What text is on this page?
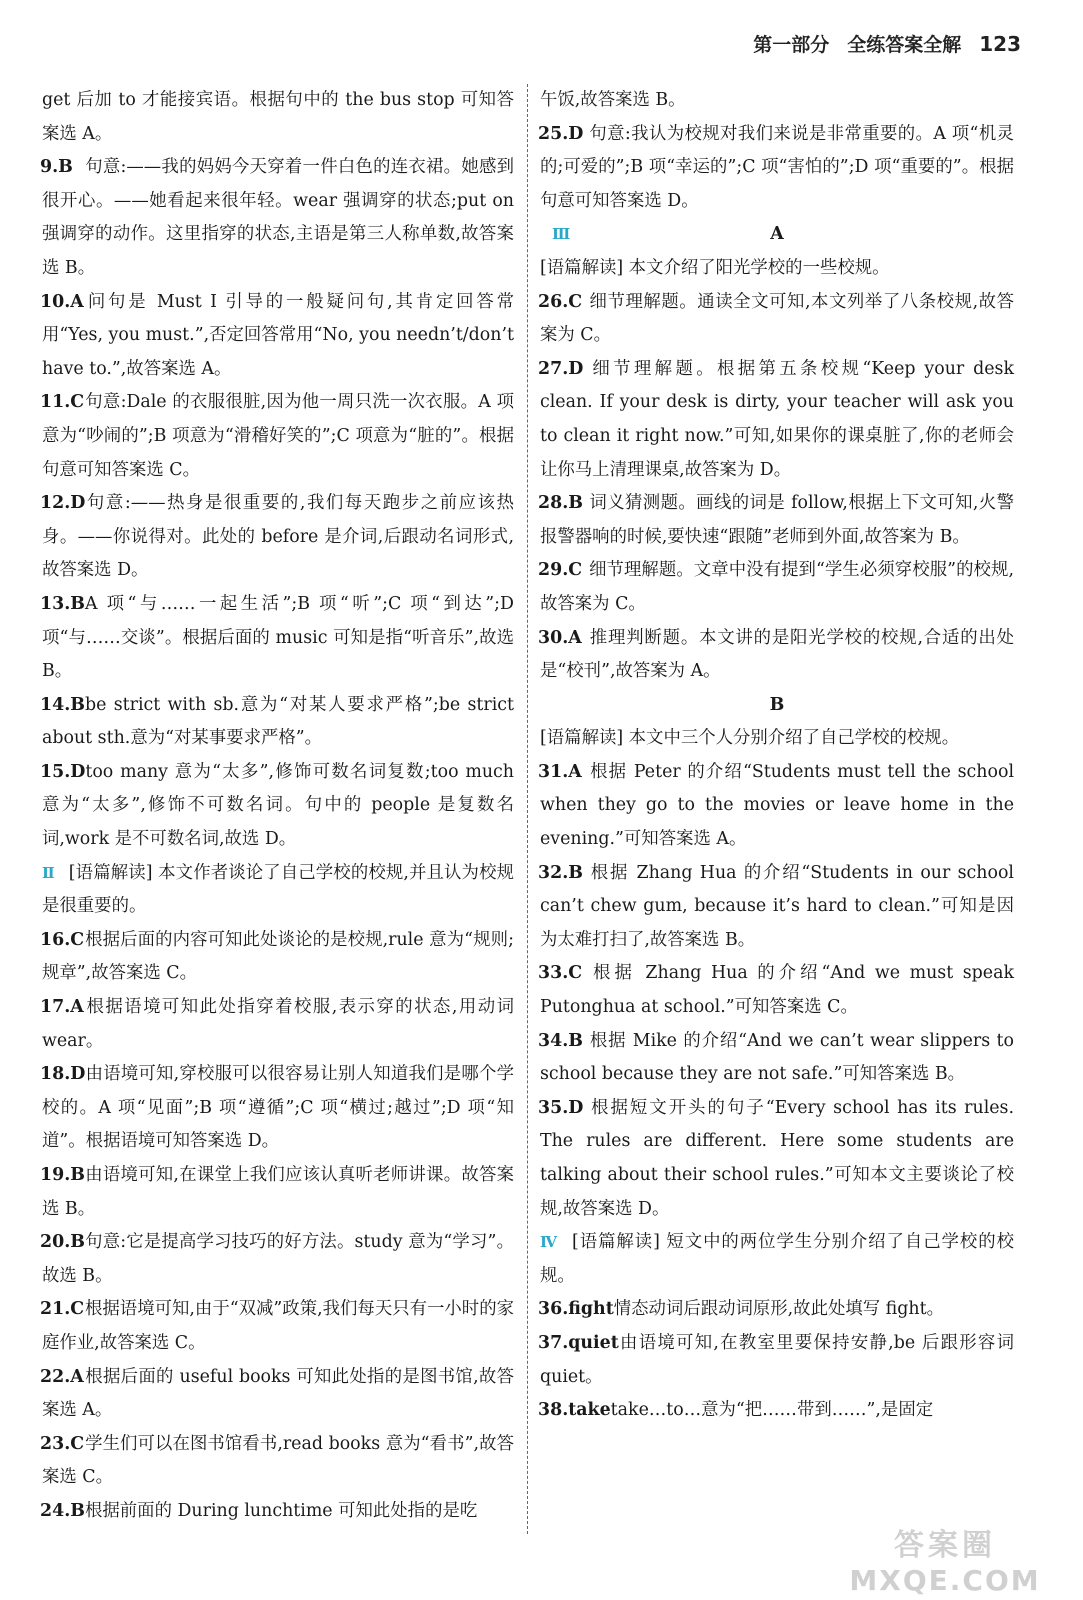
第一部分 全练答案全解 123

get 后加 to 才能接宾语。根据句中的 the bus stop 可知答案选 A。

9.B 句意:——我的妈妈今天穿着一件白色的连衣裙。她感到很开心。——她看起来很年轻。wear 强调穿的状态;put on 强调穿的动作。这里指穿的状态,主语是第三人称单数,故答案选 B。

10.A问句是 Must I 引导的一般疑问句,其肯定回答常用“Yes, you must.”,否定回答常用“No, you needn’t/don’t have to.”,故答案选 A。

11.C句意:Dale 的衣服很脏,因为他一周只洗一次衣服。A 项意为“吵闹的”;B 项意为“滑稽好笑的”;C 项意为“脏的”。根据句意可知答案选 C。

12.D句意:——热身是很重要的,我们每天跑步之前应该热身。——你说得对。此处的 before 是介词,后跟动名词形式,故答案选 D。

13.BA 项“与……一起生活”;B 项“听”;C 项“到达”;D 项“与……交谈”。根据后面的 music 可知是指“听音乐”,故选 B。

14.Bbe strict with sb.意为“对某人要求严格”;be strict about sth.意为“对某事要求严格”。

15.Dtoo many 意为“太多”,修饰可数名词复数;too much 意为“太多”,修饰不可数名词。句中的 people 是复数名词,work 是不可数名词,故选 D。

Ⅱ [语篇解读] 本文作者谈论了自己学校的校规,并且认为校规是很重要的。

16.C根据后面的内容可知此处谈论的是校规,rule 意为“规则;规章”,故答案选 C。

17.A根据语境可知此处指穿着校服,表示穿的状态,用动词 wear。

18.D由语境可知,穿校服可以很容易让别人知道我们是哪个学校的。A 项“见面”;B 项“遵循”;C 项“横过;越过”;D 项“知道”。根据语境可知答案选 D。

19.B由语境可知,在课堂上我们应该认真听老师讲课。故答案选 B。

20.B句意:它是提高学习技巧的好方法。study 意为“学习”。故选 B。

21.C根据语境可知,由于“双减”政策,我们每天只有一小时的家庭作业,故答案选 C。

22.A根据后面的 useful books 可知此处指的是图书馆,故答案选 A。

23.C学生们可以在图书馆看书,read books 意为“看书”,故答案选 C。

24.B根据前面的 During lunchtime 可知此处指的是吃

午饭,故答案选 B。

25.D 句意:我认为校规对我们来说是非常重要的。A 项“机灵的;可爱的”;B 项“幸运的”;C 项“害怕的”;D 项“重要的”。根据句意可知答案选 D。

Ⅲ	A

[语篇解读] 本文介绍了阳光学校的一些校规。

26.C 细节理解题。通读全文可知,本文列举了八条校规,故答案为 C。

27.D 细节理解题。根据第五条校规“Keep your desk clean. If your desk is dirty, your teacher will ask you to clean it right now.”可知,如果你的课桌脏了,你的老师会让你马上清理课桌,故答案为 D。

28.B 词义猜测题。画线的词是 follow,根据上下文可知,火警报警器响的时候,要快速“跟随”老师到外面,故答案为 B。

29.C 细节理解题。文章中没有提到“学生必须穿校服”的校规,故答案为 C。

30.A 推理判断题。本文讲的是阳光学校的校规,合适的出处是“校刊”,故答案为 A。

B

[语篇解读] 本文中三个人分别介绍了自己学校的校规。

31.A 根据 Peter 的介绍“Students must tell the school when they go to the movies or leave home in the evening.”可知答案选 A。

32.B 根据 Zhang Hua 的介绍“Students in our school can’t chew gum, because it’s hard to clean.”可知是因为太难打扫了,故答案选 B。

33.C 根据 Zhang Hua 的介绍“And we must speak Putonghua at school.”可知答案选 C。

34.B 根据 Mike 的介绍“And we can’t wear slippers to school because they are not safe.”可知答案选 B。

35.D 根据短文开头的句子“Every school has its rules. The rules are different. Here some students are talking about their school rules.”可知本文主要谈论了校规,故答案选 D。

Ⅳ [语篇解读] 短文中的两位学生分别介绍了自己学校的校规。

36.fight情态动词后跟动词原形,故此处填写 fight。

37.quiet由语境可知,在教室里要保持安静,be 后跟形容词 quiet。

38.taketake…to…意为“把……带到……”,是固定

答案圈
MXQE.COM
